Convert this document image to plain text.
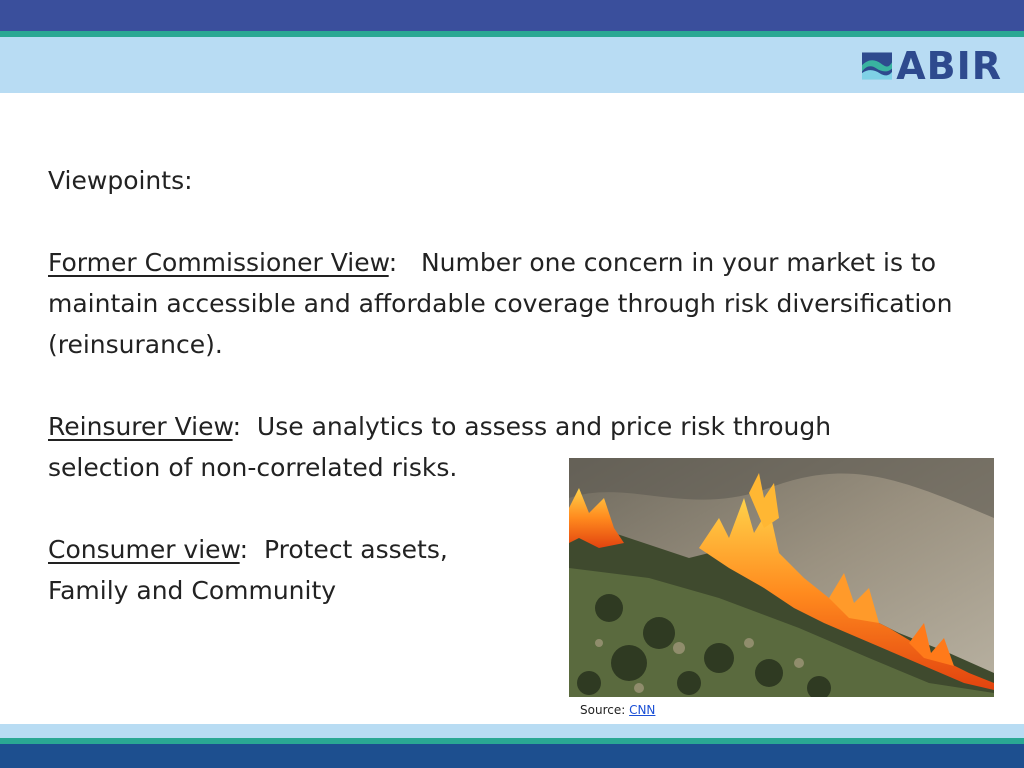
ABIR

Viewpoints:

Former Commissioner View:   Number one concern in your market is to maintain accessible and affordable coverage through risk diversification (reinsurance).

Reinsurer View:  Use analytics to assess and price risk through selection of non-correlated risks.

Consumer view:  Protect assets,

Family and Community

Source: CNN
